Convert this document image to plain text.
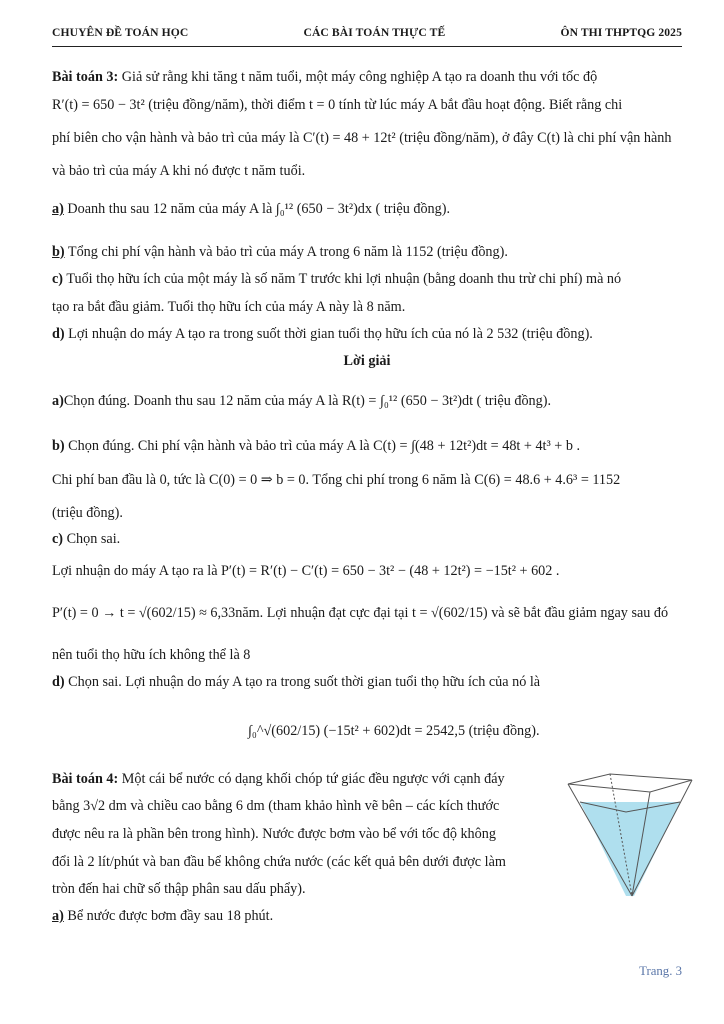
CHUYÊN ĐỀ TOÁN HỌC	CÁC BÀI TOÁN THỰC TẾ	ÔN THI THPTQG 2025
Bài toán 3: Giả sử rằng khi tăng t năm tuổi, một máy công nghiệp A tạo ra doanh thu với tốc độ
R′(t) = 650 − 3t² (triệu đồng/năm), thời điểm t = 0 tính từ lúc máy A bắt đầu hoạt động. Biết rằng chi
phí biên cho vận hành và bảo trì của máy là C′(t) = 48 + 12t² (triệu đồng/năm), ở đây C(t) là chi phí vận hành
và bảo trì của máy A khi nó được t năm tuổi.
a) Doanh thu sau 12 năm của máy A là ∫₀¹² (650 − 3t²)dx ( triệu đồng).
b) Tổng chi phí vận hành và bảo trì của máy A trong 6 năm là 1152 (triệu đồng).
c) Tuổi thọ hữu ích của một máy là số năm T trước khi lợi nhuận (bằng doanh thu trừ chi phí) mà nó
tạo ra bắt đầu giảm. Tuổi thọ hữu ích của máy A này là 8 năm.
d) Lợi nhuận do máy A tạo ra trong suốt thời gian tuổi thọ hữu ích của nó là 2 532 (triệu đồng).
Lời giải
a)Chọn đúng. Doanh thu sau 12 năm của máy A là R(t) = ∫₀¹² (650 − 3t²)dt ( triệu đồng).
b) Chọn đúng. Chi phí vận hành và bảo trì của máy A là C(t) = ∫(48 + 12t²)dt = 48t + 4t³ + b .
Chi phí ban đầu là 0, tức là C(0) = 0 ⇒ b = 0. Tổng chi phí trong 6 năm là C(6) = 48.6 + 4.6³ = 1152
(triệu đồng).
c) Chọn sai.
Lợi nhuận do máy A tạo ra là P′(t) = R′(t) − C′(t) = 650 − 3t² − (48 + 12t²) = −15t² + 602 .
P′(t) = 0 → t = √(602/15) ≈ 6,33năm. Lợi nhuận đạt cực đại tại t = √(602/15) và sẽ bắt đầu giảm ngay sau đó
nên tuổi thọ hữu ích không thể là 8
d) Chọn sai. Lợi nhuận do máy A tạo ra trong suốt thời gian tuổi thọ hữu ích của nó là
∫₀^√(602/15) (−15t² + 602)dt = 2542,5 (triệu đồng).
Bài toán 4: Một cái bể nước có dạng khối chóp tứ giác đều ngược với cạnh đáy
bằng 3√2 dm và chiều cao bằng 6 dm (tham khảo hình vẽ bên – các kích thước
được nêu ra là phần bên trong hình). Nước được bơm vào bể với tốc độ không
đổi là 2 lít/phút và ban đầu bể không chứa nước (các kết quả bên dưới được làm
tròn đến hai chữ số thập phân sau dấu phẩy).
a) Bể nước được bơm đầy sau 18 phút.
Trang. 3
